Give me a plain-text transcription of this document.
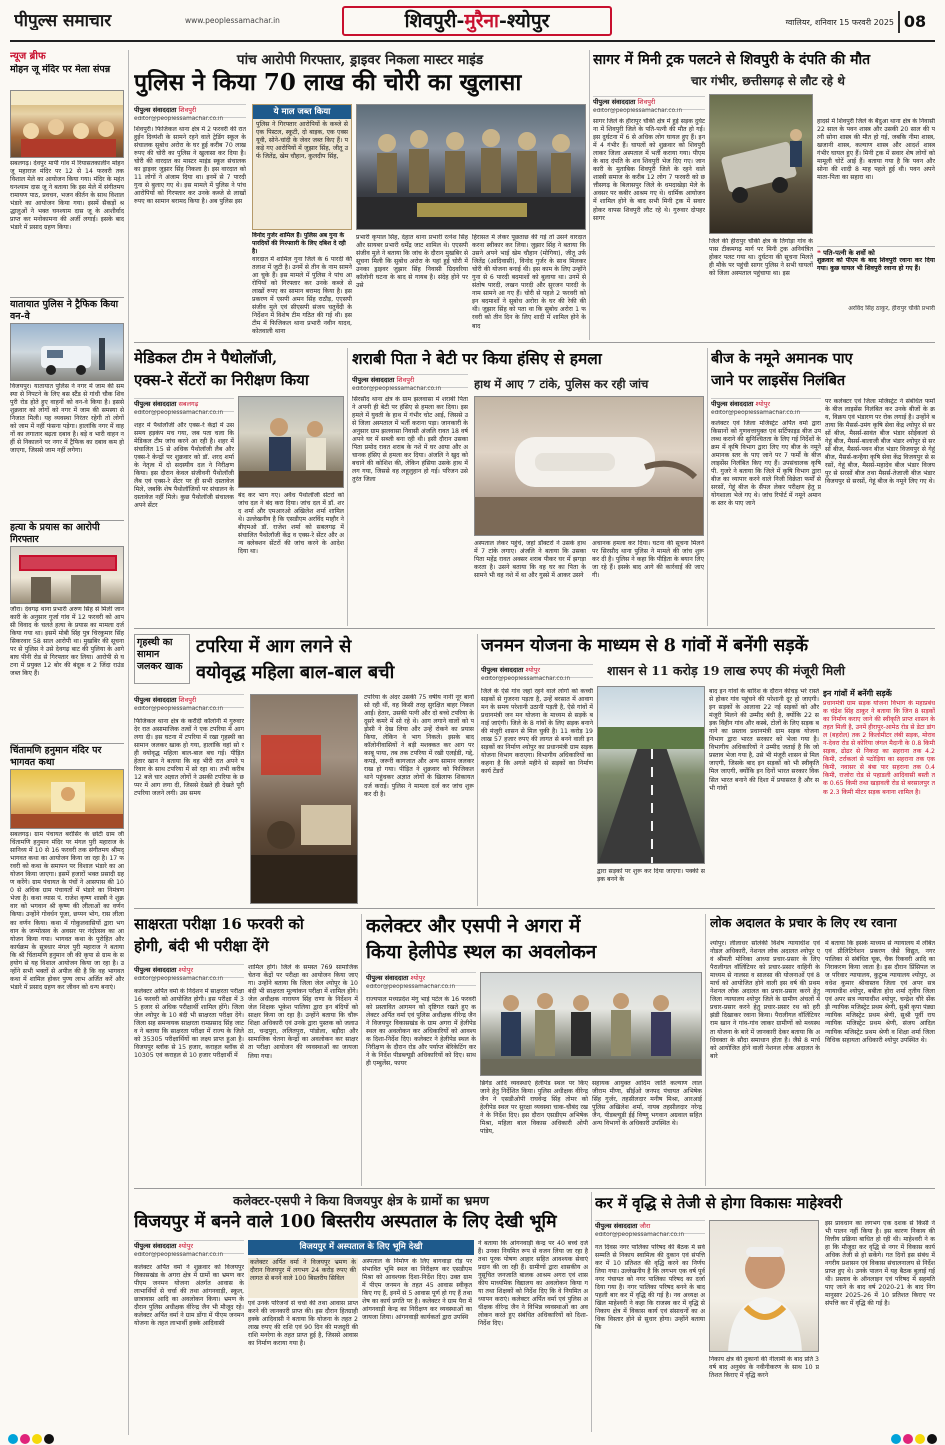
पीपुल्स समाचार	www.peoplessamachar.in	शिवपुरी-मुरैना-श्योपुर	ग्वालियर, शनिवार 15 फरवरी 2025 08
न्यूज ब्रीफ
मोहन जू मंदिर पर मेला संपन्न
सबलगढ़। देवपुर मार्पी गांव में रियासतकालीन मोहन जू महाराज मंदिर पर 12 से 14 फरवरी तक विशाल मेले का आयोजन किया गया। मंदिर के महंत घनश्याम दास जू ने बताया कि इस मेले में संगीतमय रामायण पाठ, प्रवचन, भजन कीर्तन के साथ विशाल भंडारे का आयोजन किया गया। इसमें सैकड़ों श्रद्धालुओं ने भक्त घनश्याम दास जू के आशीर्वाद प्राप्त कर मनोकामना की अर्जी लगाई। इसके बाद भंडारे में प्रसाद ग्रहण किया।
यातायात पुलिस ने ट्रैफिक किया वन-वे
विजयपुर। यातायात पुलिस ने नगर में जाम की समस्या से निपटने के लिए बस स्टैंड से गांधी चौक शिवपुरी रोड होते हुए वाहनों को वन-वे किया है। इससे शुक्रवार को लोगों को नगर में जाम की समस्या से निजात मिली। यह व्यवस्था निरंतर रहेगी तो लोगों को जाम में नहीं फंसना पड़ेगा। हालांकि नगर में वाहनों का लगातार बढ़ता दबाव है। बड़े व भारी वाहन नहीं से निकालने पर नगर में ट्रैफिक का दबाव कम हो जाएगा, जिससे जाम नहीं लगेगा।
हत्या के प्रयास का आरोपी गिरफ्तार
जौरा। देवगढ़ थाना प्रभारी अरुण सिंह से मिली जानकारी के अनुसार गुर्जा गांव में 12 फरवरी को आपसी विवाद के चलते हत्या के प्रयास का मामला दर्ज किया गया था। इसमें मोबी सिंह पुत्र चिरकुमार सिंह सिकरवार 58 साल आरोपी था। मुखबिर की सूचना पर से पुलिस ने उसे देवगढ़ बाट की पुलिया के आगे बाघ पीनी रोड से गिरफ्तार कर लिया। आरोपी से घटना में प्रयुक्त 12 बोर की बंदूक व 2 जिंदा राउंड जब्त किए हैं।
चिंतामणि हनुमान मंदिर पर भागवत कथा
सबलगढ़। ग्राम पंचायत बरोसिर के छोटी ग्राम जी चिंतामणि हनुमान मंदिर पर मंगल पुरी महाराज के सानिध्य में 10 से 16 फरवरी तक संगीतमय श्रीमद् भागवत कथा का आयोजन किया जा रहा है। 17 फरवरी को कथा के समापन पर विशाल भंडारे का आयोजन किया जाएगा। इसमें हजारों भक्त प्रसादी ग्रहण करेंगे। ग्राम पंचायत के पंचों ने आसपास की 100 से अधिक ग्राम पंचायतों में भंडारे का निमंत्रण भेजा है। कथा व्यास पं. राजेश कृष्ण शास्त्री ने शुक्रवार को भगवान श्री कृष्ण की लीलाओं का वर्णन किया। उन्होंने गोवर्धन पूजा, छप्पन भोग, रास लीला का वर्णन किया। कथा में गोकुलवासियों द्वारा भगवान के जन्मोत्सव के अवसर पर नंदोत्सव का आयोजन किया गया। भागवत कथा के पुरोहित और कार्यक्रम के सूत्रधार मंगल पुरी महाराज ने बताया कि श्री चिंतामणि हनुमान जी की कृपा से ग्राम के सहयोग से यह विशाल आयोजन किया जा रहा है। उन्होंने सभी भक्तों से अपील की है कि वह भागवत कथा में शामिल होकर पुण्य लाभ अर्जित करें और भंडारे में प्रसाद ग्रहण कर जीवन को धन्य बनाएं।
पांच आरोपी गिरफ्तार, ड्राइवर निकला मास्टर माइंड
पुलिस ने किया 70 लाख की चोरी का खुलासा
पीपुल्स संवाददाता शिवपुरी
editor@peoplessamachar.co.in
शिवपुरी। फिजिकल थाना क्षेत्र में 2 फरवरी की रात हुईन दिव्यंशी के सामने रहने वाले ट्रेडिंग स्कूल के संचालक सुबोध अरोरा के घर हुई करीब 70 लाख रुपए की चोरी का पुलिस ने खुलासा कर दिया है। चोरी की वारदात का मास्टर माइंड स्कूल संचालक का ड्राइवर जुझार सिंह निकला है। इस वारदात को 11 लोगों ने अंजाम दिया था। इनमें से 7 पारदी गुना से बुलाए गए थे। इस मामले में पुलिस ने पांच आरोपियों को गिरफ्तार कर उनके कब्जे से लाखों रुपए का सामान बरामद किया है। अब पुलिस इस
ये माल जब्त किया
पुलिस ने गिरफ्तार आरोपियों के कब्जे से एक पिस्टल, स्कूटी, दो बाइक, एक एक्सयूवी, सोने-चांदी के जेवर जब्त किए हैं। पकड़े गए आरोपियों में जुझार सिंह, जीतू उर्फ जितेंद्र, खेम चौहान, कुलदीप सिंह,
विनोद गुर्जर शामिल हैं। पुलिस अब गुना के पारदियों की गिरफ्तारी के लिए दबिश दे रही है।
वारदात में शामिल गुना जिले के 6 पारदी की तलाश में जुटी है। उनमें से तीन के नाम सामने आ चुके हैं। इस मामले में पुलिस ने पांच आरोपियों को गिरफ्तार कर उनके कब्जे से लाखों रुपए का सामान बरामद किया है। इस प्रकरण में एसपी अमन सिंह राठौड़, एएसपी संजीव मुले एवं सीएसपी संजय चतुर्वेदी के निर्देशन में विशेष टीम गठित की गई थी। इस टीम में फिजिकल थाना प्रभारी नवीन यादव, कोतवाली थाना
प्रभारी कृपाल सिंह, देहात थाना प्रभारी रत्नेश सिंह और सायबर प्रभारी धर्मेंद्र जाट शामिल थे। एएसपी संजीव मुले ने बताया कि जांच के दौरान मुखबिर से सूचना मिली कि सुबोध अरोरा के यहां हुई चोरी में उनका ड्राइवर जुझार सिंह निवासी ग्रिदवरिया कॉलोनी घटना के बाद से गायब है। संदेह होने पर उसे
हिरासत में लेकर पूछताछ की गई तो उसने वारदात करना स्वीकार कर लिया। जुझार सिंह ने बताया कि उसने अपने भाई खेम चौहान (मोगिया), जीतू उर्फ जितेंद्र (आदिवासी), विनोद गुर्जर के साथ मिलकर चोरी की योजना बनाई थी। इस काम के लिए उन्होंने गुना से 6 पारदी बदमाशों को बुलाया था। उनमें से संतोष पारदी, लखन पारदी और सुरजन पारदी के नाम सामने आ गए हैं। चोरी से पहले 2 फरवरी को इन बदमाशों ने सुबोध अरोरा के घर की रेकी की थी। जुझार सिंह को पता था कि सुबोध अरोरा 1 फरवरी को तीन दिन के लिए शादी में शामिल होने के बाद
सागर में मिनी ट्रक पलटने से शिवपुरी के दंपति की मौत
पीपुल्स संवाददाता शिवपुरी
editor@peoplessamachar.co.in
चार गंभीर, छत्तीसगढ़ से लौट रहे थे
सागर जिले के हीरापुर चौकी क्षेत्र में हुई सड़क दुर्घटना में शिवपुरी जिले के पति-पत्नी की मौत हो गई। इस दुर्घटना में 6 से अधिक लोग घायल हुए हैं। इनमें 4 गंभीर हैं। घायलों को शुक्रवार को शिवपुरी लाकर जिला अस्पताल में भर्ती कराया गया। पीएम के बाद दंपति के शव शिवपुरी भेज दिए गए। जानकारी के मुताबिक शिवपुरी जिले के रहने वाले शास्त्री समाज के करीब 12 लोग 7 फरवरी को छत्तीसगढ़ के बिलासपुर जिले के धमदाखेड़ा मेले के अवसर पर कबीर आश्रम गए थे। धार्मिक आयोजन में शामिल होने के बाद सभी मिनी ट्रक में सवार होकर वापस शिवपुरी लौट रहे थे। गुरुवार दोपहर सागर
जिले की हीरापुर चौकी क्षेत्र के तिगोड़ा गांव के पास टीकमगढ़ मार्ग पर मिनी ट्रक अनियंत्रित होकर पलट गया था। दुर्घटना की सूचना मिलते ही मौके पर पहुंची सागर पुलिस ने सभी घायलों को जिला अस्पताल पहुंचाया था। इस
हादसे में शिवपुरी जिले के बैंदुआ थाना क्षेत्र के निवासी 22 साल के पवन शास्त्र और उसकी 20 साल की पत्नी सोना शास्त्र की मौत हो गई, जबकि नीमा शास्त्र, खजानी शास्त्र, कल्याण शास्त्र और आदर्श शास्त्र गंभीर घायल हुए हैं। मिनी ट्रक में सवार शेष लोगों को मामूली चोटें आई हैं। बताया गया है कि पवन और सोना की शादी 8 माह पहले हुई थी। पवन अपने माता-पिता का सहारा था।
❝ पति-पत्नी के शवों को
शुक्रवार को पीएम के बाद शिवपुरी रवाना कर दिया गया। कुछ घायल भी शिवपुरी रवाना हो गए हैं।
अरविंद सिंह ठाकुर, हीरापुर चौकी प्रभारी
मेडिकल टीम ने पैथोलॉजी,
एक्स-रे सेंटरों का निरीक्षण किया
पीपुल्स संवाददाता सबलगढ़
editor@peoplessamachar.co.in
शहर में पैथोलॉजी और एक्स-रे केंद्रों में उस समय हड़कंप मच गया, जब पता चला कि मेडिकल टीम जांच करने आ रही है। शहर में संचालित 15 से अधिक पैथोलॉजी लैब और एक्स-रे केन्द्रों पर शुक्रवार को डॉ. शरद शर्मा के नेतृत्व में दो सदस्यीय दल ने निरीक्षण किया। इस दौरान केवल संजीवनी पैथोलॉजी लैब एवं एक्स-रे सेंटर पर ही सभी दस्तावेज मिले, जबकि शेष पैथोलॉजियों पर संचालन के दस्तावेज नहीं मिले। कुछ पैथोलॉजी संचालक अपने सेंटर
बंद कर भाग गए। अवैध पैथोलॉजी सेंटरों को जांच दल ने बंद करा दिया। जांच दल में डॉ. शरद शर्मा और एमआरओ अखिलेश शर्मा शामिल थे। उल्लेखनीय है कि एसडीएम अरविंद माहौर ने बीएमओ डॉ. राजेश शर्मा को सबलगढ़ में संचालित पैथोलॉजी केंद्र व एक्स-रे सेंटर और अन्य क्लेक्शन सेंटरों की जांच करने के आदेश दिया था।
शराबी पिता ने बेटी पर किया हंसिए से हमला
पीपुल्स संवाददाता शिवपुरी
editor@peoplessamachar.co.in	हाथ में आए 7 टांके, पुलिस कर रही जांच
सिरसौद थाना क्षेत्र के ग्राम झलवासा में शराबी पिता ने अपनी ही बेटी पर हंसिए से हमला कर दिया। इस हमले में युवती के हाथ में गंभीर चोट आई, जिससे उसे जिला अस्पताल में भर्ती कराना पड़ा। जानकारी के अनुसार ग्राम झलवासा निवासी अंजलि रावत 18 वर्ष अपने घर में सब्जी बना रही थी। इसी दौरान उसका पिता प्रमोद रावत शराब के नशे में घर आया और अचानक हंसिए से हमला कर दिया। अंजलि ने खुद को बचाने की कोशिश की, लेकिन हंसिया उसके हाथ में लग गया, जिससे वह लहूलुहान हो गई। परिजन उसे तुरंत जिला
अस्पताल लेकर पहुंचे, जहां डॉक्टरों ने उसके हाथ में 7 टांके लगाए। अंजलि ने बताया कि उसका पिता महेंद्र रावत अक्सर शराब पीकर घर में झगड़ा करता है। उसने बताया कि वह घर का पिता के सामने भी वह नशे में था और गुस्से में आकर उसने
अचानक हमला कर दिया। घटना की सूचना मिलने पर सिरसौद थाना पुलिस ने मामले की जांच शुरू कर दी है। पुलिस ने कहा कि पीड़िता के बयान लिए जा रहे हैं। इसके बाद आगे की कार्रवाई की जाएगी।
बीज के नमूने अमानक पाए
जाने पर लाइसेंस निलंबित
पीपुल्स संवाददाता श्योपुर
editor@peoplessamachar.co.in
कलेक्टर एवं जिला मजिस्ट्रेट अर्पित वर्मा द्वारा किसानों को गुणवत्तायुक्त एवं सर्टिफाइड बीज उपलब्ध कराने की सुनिश्चितता के लिए गई निर्देशों के क्रम में कृषि विभाग द्वारा लिए गए बीज के नमूने अमानक स्तर के पाए जाने पर 7 फर्मों के बीज लाइसेंस निलंबित किए गए हैं। उपसंचालक कृषि पी. गुजरे ने बताया कि जिले में कृषि विभाग द्वारा बीज का व्यापार करने वाले निजी विक्रेता फर्मों से सरसों, गेहूं बीज के सैंपल लेकर परीक्षण हेतु प्रयोगशाला भेजे गए थे। जांच रिपोर्ट में नमूने अमानक स्तर के पाए जाने
पर कलेक्टर एवं जिला मजिस्ट्रेट ने संबंधित फर्मों के बीज लाइसेंस निलंबित कर उनके बीजों के क्रय, विक्रय एवं भंडारण पर रोक लगाई है। उन्होंने बताया कि मैसर्स-उमंग कृषि सेवा केंद्र श्योपुर से सरसों बीज, मैसर्स-सावंत बीज भंडार सोईकलां से गेहूं बीज, मैसर्स-बालाजी बीज भंडार श्योपुर से सरसों बीज, मैसर्स-पवन बीज भंडार विजयपुर से गेहूं बीज, मैसर्स-कन्हैया कृषि सेवा केंद्र विजयपुर से सरसों, गेहूं बीज, मैसर्स-महादेव बीज भंडार विजयपुर से सरसों बीज तथा मैसर्स-तेजाजी बीज भंडार विजयपुर से सरसों, गेहूं बीज के नमूने लिए गए थे।
गृहस्थी का सामान जलकर खाक
टपरिया में आग लगने से
वयोवृद्ध महिला बाल-बाल बची
पीपुल्स संवाददाता शिवपुरी
editor@peoplessamachar.co.in
फिजिकल थाना क्षेत्र के करौंदी कॉलोनी में गुरुवार देर रात असामाजिक तत्वों ने एक टपरिया में आग लगा दी। इस घटना में टपरिया में रखा गृहस्थी का सामान जलकर खाक हो गया, हालांकि वहां सो रही वयोवृद्ध महिला बाल-बाल बच गई। पीड़ित हेतार खान ने बताया कि वह भीरी रात अपने परिवार के साथ टपरिया में सो रहा था। तभी करीब 12 बजे चार अज्ञात लोगों ने उसकी टपरिया के छप्पर में आग लगा दी, जिससे देखते ही देखते पूरी टपरिया जलने लगी। उस समय
टपरिया के अंदर उसकी 75 वर्षीय नानी नूर बानो सो रही थीं, वह किसी तरह सुरक्षित बाहर निकल आईं। हेतार, उसकी पत्नी और दो बच्चे टपरिया के दूसरे कमरे में सो रहे थे। आग लगाने वालों को पड़ोसी ने देख लिया और उन्हें रोकने का प्रयास किया, लेकिन वे भाग निकले। इसके बाद कॉलोनीवासियों ने बड़ी मशक्कत कर आग पर काबू पाया, तब तक टपरिया में रखी एलईडी, गद्दे, कपड़े, जरूरी कागजात और अन्य सामान जलकर राख हो गया। पीड़ित ने शुक्रवार को फिजिकल थाने पहुंचकर अज्ञात लोगों के खिलाफ शिकायत दर्ज कराई। पुलिस ने मामला दर्ज कर जांच शुरू कर दी है।
जनमन योजना के माध्यम से 8 गांवों में बनेंगी सड़कें
पीपुल्स संवाददाता श्योपुर
editor@peoplessamachar.co.in
शासन से 11 करोड़ 19 लाख रुपए की मंजूरी मिली
जिले के ऐसे गांव जहां रहने वाले लोगों को कच्ची सड़कों से गुजरना पड़ता है, उन्हें बरसात में आवागमन के समय परेशानी उठानी पड़ती है, ऐसे गांवों में प्रधानमंत्री जन मन योजना के माध्यम से सड़कें बनाई जाएंगी। जिले के 8 गांवों के लिए सड़क बनाने की मंजूरी शासन से मिल चुकी है। 11 करोड़ 19 लाख 57 हजार रुपए की लागत से बनने वाली इन सड़कों का निर्माण श्योपुर का प्रधानमंत्री ग्राम सड़क योजना विभाग कराएगा। विभागीय अधिकारियों का कहना है कि अगले महीने से सड़कों का निर्माण कार्य टेंडरों
द्वारा सड़कों पर शुरू कर दिया जाएगा। पक्की सड़क बनने के
बाद इन गांवों के बारिश के दौरान कीचड़ भरे रास्ते से होकर गांव पहुंचने की परेशानी दूर हो जाएगी। इन सड़कों के आलावा 22 नई सड़कों को और मंजूरी मिलने की उम्मीद बंधी है, क्योंकि 22 सड़क विहीन गांव और कस्बे, टोलों के लिए सड़क बनाने का प्रस्ताव प्रधानमंत्री ग्राम सड़क योजना विभाग द्वारा भारत सरकार को भेजा गया है। विभागीय अधिकारियों ने उम्मीद जताई है कि जो प्रस्ताव भेजा गया है, उसे भी मंजूरी शासन से मिल जाएगी, जिसके बाद इन सड़कों को भी स्वीकृति मिल जाएगी, क्योंकि इन दिनों भारत सरकार विकसित भारत बनाने की दिशा में प्रयासरत है और सभी गांवों
इन गांवों में बनेंगी सड़कें
प्रधानमंत्री ग्राम सड़क योजना विभाग के महाप्रबंधक चंद्रेश सिंह ठाकुर ने बताया कि जिन 8 सड़कों का निर्माण कराए जाने की स्वीकृति प्राप्त शासन के तहत मिली है, उनमें हीरापुर-आमेठ रोड से डेटा डांगल (बहरोल) तक 2 किलोमीटर लंबी सड़क, मोरावन-देवरा रोड से कोरिया जंगल मैदानी के 0.8 किमी सड़क, ढोढर से निकदा का सहराना तक 4.2 किमी, टर्राकलां से पठोड़िया का सहराना तक एक किमी, नवासर से बंबा पार सहराना तक 0.4 किमी, राजोरा रोड से पहाडली आदिवासी बस्ती तक 0.65 किमी तथा खड़ावली रोड से बरसालपुर तक 2.3 किमी मीटर सड़क बनाना शामिल है।
साक्षरता परीक्षा 16 फरवरी को
होगी, बंदी भी परीक्षा देंगे
पीपुल्स संवाददाता श्योपुर
editor@peoplessamachar.co.in
कलेक्टर अर्पित वर्मा के निर्देशन में साक्षरता परीक्षा 16 फरवरी को आयोजित होगी। इस परीक्षा में 35 हजार से अधिक परीक्षार्थी शामिल होंगे। जिला जेल श्योपुर के 10 बंदी भी साक्षरता परीक्षा देंगे। जिला सह समन्वयक साक्षरता रामप्रसाद सिंह जाटव ने बताया कि साक्षरता परीक्षा में राज्य के जिले को 35305 परीक्षार्थियों का लक्ष्य प्राप्त हुआ है। विजयपुर ब्लॉक से 15 हजार, कराहल ब्लॉक से 10305 एवं कराहल से 10 हजार परीक्षार्थी में
शामिल होंगे। जिले के समस्त 769 सामाजिक चेतना केंद्रों पर परीक्षा का आयोजन किया जाएगा। उन्होंने बताया कि जिला जेल श्योपुर के 10 बंदी भी साक्षरता मूल्यांकन परीक्षा में शामिल होंगे। जेल अधीक्षक नारायण सिंह राणा के निर्देशन में जेल शिक्षक भूकेश पालिया द्वारा इन बंदियों को साक्षर किया जा रहा है। उन्होंने बताया कि चौरू शिक्षा अधिकारी एवं उनके द्वारा पुस्तक को जलाउठा, चन्द्रपुरा, ललितपुरा, पांडोला, बड़ौदा और सामाजिक चेतना केन्द्रों का अवलोकन कर साक्षरता परीक्षा आयोजन की व्यवस्थाओं का जायजा लिया गया।
कलेक्टर और एसपी ने अगरा में
किया हेलीपेड स्थल का अवलोकन
पीपुल्स संवाददाता श्योपुर
editor@peoplessamachar.co.in
राज्यपाल मध्यप्रदेश मंगु भाई पटेल के 16 फरवरी को प्रस्तावित आगमन को दृष्टिगत रखते हुए कलेक्टर अर्पित वर्मा एवं पुलिस अधीक्षक वीरेन्द्र जैन ने विजयपुर विकासखंड के ग्राम अगरा में हेलीपेड स्थल का अवलोकन कर अधिकारियों को आवश्यक दिशा-निर्देश दिए। कलेक्टर ने हेलीपेड स्थल के निरीक्षण के दौरान रोड और पर्याप्त बेरिकेटिंग करने के निर्देश पीडब्ल्यूडी अधिकारियों को दिए। साथ ही एम्बुलेंस, फायर
ब्रिगेड आदि व्यवस्थाएं हेलीपेड स्थल पर किए जाने हेतु निर्देशित किया। पुलिस अधीक्षक वीरेन्द्र जैन ने एसडीओपी राघवेन्द्र सिंह तोमर को हेलीपेड स्थल पर सुरक्षा व्यवस्था चाक-चौबंद रखने के निर्देश दिए। इस दौरान एसडीएम अभिषेक मिश्रा, महिला बाल विकास अधिकारी ओपी पांडेय,
सहायक आयुक्त आदिम जाति कल्याण लालजीराम मीणा, सीईओ जनपद पंचायत अभिषेक सिंह गुर्जर, तहसीलदार मनीष मिश्रा, आरआई पुलिस अखिलेश शर्मा, नायब तहसीलदार नरेन्द्र जैन, पीडब्ल्यूडी ईई विष्णु भगवान अग्रवाल सहित अन्य विभागों के अधिकारी उपस्थित थे।
लोक अदालत के प्रचार के लिए रथ रवाना
श्योपुर। लीलाधर सोलंकी विशेष न्यायाधीश एवं नोडल अधिकारी, नेशनल लोक अदालत श्योपुर एवं श्रीमती मोनिका आध्या प्रचार-प्रसार के लिए पैरालीगल वॉलिंटियर को प्रचार-प्रसार वाहिनी के माध्यम से नालसा व सालसा की योजनाओं एवं 8 मार्च को आयोजित होने वाली इस वर्ष की प्रथम नेशनल लोक अदालत का प्रचार-प्रसार करने हेतु जिला न्यायालय श्योपुर जिले के ग्रामीण अंचलों में प्रचार-प्रसार करने हेतु प्रचार-प्रसार रथ को हरी झंडी दिखाकर रवाना किया। पैरालीगल वॉलिंटियर राम खान ने गांव-गांव जाकर ग्रामीणों को मध्यस्थता योजना के बारे में जानकारी देकर बताया कि अधिवक्ता के सौदा समाधान होता है। जैसे 8 मार्च को आयोजित होने वाली नेशनल लोक अदालत के बारे
में बताया कि इसके माध्यम से न्यायालय में लंबित एवं प्रीलिटिगेशन प्रकरण जैसे विद्युत, नगर पालिका से संबंधित चूक, चैक रिकवरी आदि का निराकरण किया जाता है। इस दौरान प्रिंसिपल जज परिवार न्यायालय, कुटुम्ब न्यायालय श्योपुर, अवधेश कुमार श्रीवास्तव जिला एवं अपर सत्र न्यायाधीश श्योपुर, बबीता होरा शर्मा तृतीय जिला एवं अपर सत्र न्यायाधीश श्योपुर, चन्द्रेश चौरे सेंकड़ी न्यायिक मजिस्ट्रेट प्रथम श्रेणी, सुश्री कृपा पंड्या न्यायिक मजिस्ट्रेट प्रथम श्रेणी, सुश्री पूर्वी राय न्यायिक मजिस्ट्रेट प्रथम श्रेणी, संजय आदिल न्यायिक मजिस्ट्रेट प्रथम श्रेणी व शिक्षा शर्मा जिला विधिक सहायता अधिकारी श्योपुर उपस्थित थे।
कलेक्टर-एसपी ने किया विजयपुर क्षेत्र के ग्रामों का भ्रमण
विजयपुर में बनने वाले 100 बिस्तरीय अस्पताल के लिए देखी भूमि
पीपुल्स संवाददाता श्योपुर
editor@peoplessamachar.co.in
विजयपुर में अस्पताल के लिए भूमि देखी
कलेक्टर अर्पित वर्मा ने विजयपुर भ्रमण के दौरान विजयपुर में लगभग 24 करोड़ रुपए की लागत से बनने वाले 100 बिस्तरीय सिविल
कलेक्टर अर्पित वर्मा ने शुक्रवार को विजयपुर विकासखंड के अगरा क्षेत्र में ग्रामों का भ्रमण कर पीएम जनमन योजना अंतर्गत आवास के लाभार्थियों से चर्चा की तथा आंगनवाड़ी, स्कूल, छात्रावास आदि का अवलोकन किया। भ्रमण के दौरान पुलिस अधीक्षक वीरेन्द्र जैन भी मौजूद रहे। कलेक्टर अर्पित वर्मा ने ग्राम डोंगा में पीएम जनमन योजना के तहत लाभार्थी हक्के आदिवासी
एवं उनके परिजनों से चर्चा की तथा आवास प्राप्त करने की जानकारी प्राप्त की। इस दौरान हितग्राही हक्के आदिवासी ने बताया कि योजना के तहत 2 लाख रुपए की राशि एवं 90 दिन की मजदूरी की राशि मनरेगा के तहत प्राप्त हुई है, जिससे आवास का निर्माण कराया गया है।
अस्पताल के निर्माण के लिए बागवाड़ा रोड़ पर संभावित भूमि स्थल का निरीक्षण कर एसडीएम मिश्रा को आवश्यक दिशा-निर्देश दिए। उक्त ग्राम में पीएम जनमन के तहत 45 आवास स्वीकृत किए गए हैं, इनमें से 5 आवास पूर्ण हो गए हैं तथा शेष का कार्य प्रगति पर है। कलेक्टर ने ग्राम पैरा में आंगनवाड़ी केन्द्र का निरीक्षण कर व्यवस्थाओं का जायजा लिया। आंगनवाड़ी कार्यकर्ता द्वारा उपस्थि
ने बताया कि आंगनवाड़ी केन्द्र पर 40 बच्चे दर्ज हैं। उनका नियमित रूप से वजन लिया जा रहा है तथा पूरक पोषण आहार सहित आवश्यक सेवाएं प्रदान की जा रही हैं। ग्रामीणों द्वारा शासकीय अनुसूचित जनजाति बालक आश्रम अगरा एवं शासकीय माध्यमिक विद्यालय का अवलोकन किया गया तथा शिक्षकों को निर्देश दिए कि वे नियमित अध्यापन कराएं। कलेक्टर अर्पित वर्मा एवं पुलिस अधीक्षक वीरेन्द्र जैन ने विभिन्न व्यवस्थाओं का अवलोकन करते हुए संबंधित अधिकारियों को दिशा-निर्देश दिए।
कर में वृद्धि से तेजी से होगा विकासः माहेश्वरी
पीपुल्स संवाददाता जौरा
editor@peoplessamachar.co.in
गत दिवस नगर पालिका परिषद की बैठक में सर्वसम्मति से निकाय स्वामित्व की दुकान एवं संपत्ति कर में 10 प्रतिशत की वृद्धि करने का निर्णय लिया गया। उल्लेखनीय है कि लगभग एक वर्ष पूर्व नगर पंचायत को नगर पालिका परिषद का दर्जा दिया गया है। नगर पालिका परिषद बनने के बाद पहली बार कर में वृद्धि की गई है। नव अध्यक्ष अखिल माहेश्वरी ने कहा कि राजस्व कर में वृद्धि से निकाय क्षेत्र में विकास कार्य एवं संसाधनों का अधिक विस्तार होने से सुधार होगा। उन्होंने बताया कि
निकाय क्षेत्र की दुकानों की नीलामी के बाद प्रति 3 वर्ष बाद अनुबंध के नवीनीकरण के साथ 10 प्रतिशत किराए में वृद्धि करने
इस प्रावधान का लगभग एक दशक से किसी ने भी पालन नहीं किया है। इस कारण निकाय की वित्तीय प्रक्रिया बाधित हो रही थी। माहेश्वरी ने कहा कि मौजूदा कर वृद्धि से नगर में विकास कार्य अधिक तेजी से हो सकेंगे। गत दिनों इस संबंध में नगरीय प्रशासन एवं विकास संचालनालय से निर्देश प्राप्त हुए थे। उनके पालन में यह बैठक बुलाई गई थी। प्रस्ताव के ऑनलाइन एवं परिषद में सहमति पाए जाने के बाद वर्ष 2020-21 के बाद निगमानुसार 2025-26 में 10 प्रतिशत किराए पर संपत्ति कर में वृद्धि की गई है।
